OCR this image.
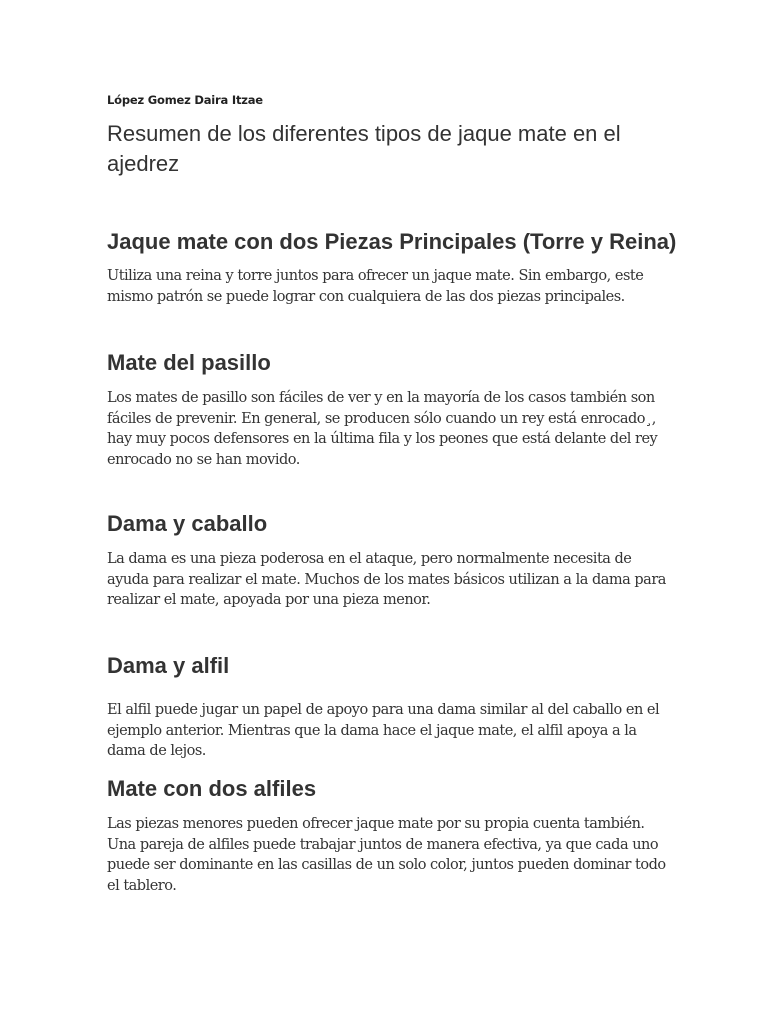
López Gomez Daira Itzae

Resumen de los diferentes tipos de jaque mate en el ajedrez
Jaque mate con dos Piezas Principales (Torre y Reina)

Utiliza una reina y torre juntos para ofrecer un jaque mate. Sin embargo, este mismo patrón se puede lograr con cualquiera de las dos piezas principales.

Mate del pasillo

Los mates de pasillo son fáciles de ver y en la mayoría de los casos también son fáciles de prevenir. En general, se producen sólo cuando un rey está enrocado¸, hay muy pocos defensores en la última fila y los peones que está delante del rey enrocado no se han movido.

Dama y caballo

La dama es una pieza poderosa en el ataque, pero normalmente necesita de ayuda para realizar el mate. Muchos de los mates básicos utilizan a la dama para realizar el mate, apoyada por una pieza menor.

Dama y alfil

El alfil puede jugar un papel de apoyo para una dama similar al del caballo en el ejemplo anterior. Mientras que la dama hace el jaque mate, el alfil apoya a la dama de lejos.

Mate con dos alfiles

Las piezas menores pueden ofrecer jaque mate por su propia cuenta también. Una pareja de alfiles puede trabajar juntos de manera efectiva, ya que cada uno puede ser dominante en las casillas de un solo color, juntos pueden dominar todo el tablero.
